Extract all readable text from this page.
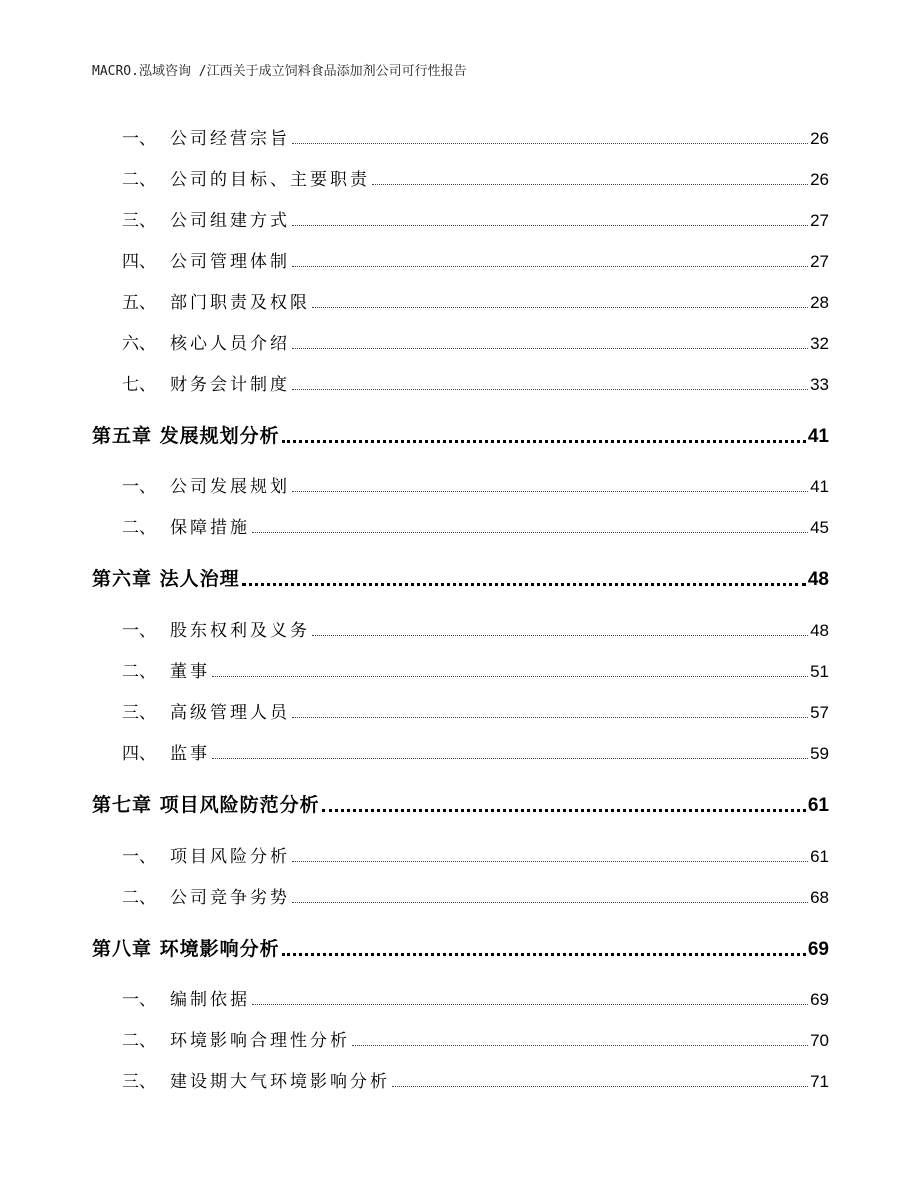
MACRO.泓域咨询 /江西关于成立饲料食品添加剂公司可行性报告
一、 公司经营宗旨	26
二、 公司的目标、主要职责	26
三、 公司组建方式	27
四、 公司管理体制	27
五、 部门职责及权限	28
六、 核心人员介绍	32
七、 财务会计制度	33
第五章 发展规划分析	41
一、 公司发展规划	41
二、 保障措施	45
第六章 法人治理	48
一、 股东权利及义务	48
二、 董事	51
三、 高级管理人员	57
四、 监事	59
第七章 项目风险防范分析	61
一、 项目风险分析	61
二、 公司竞争劣势	68
第八章 环境影响分析	69
一、 编制依据	69
二、 环境影响合理性分析	70
三、 建设期大气环境影响分析	71
